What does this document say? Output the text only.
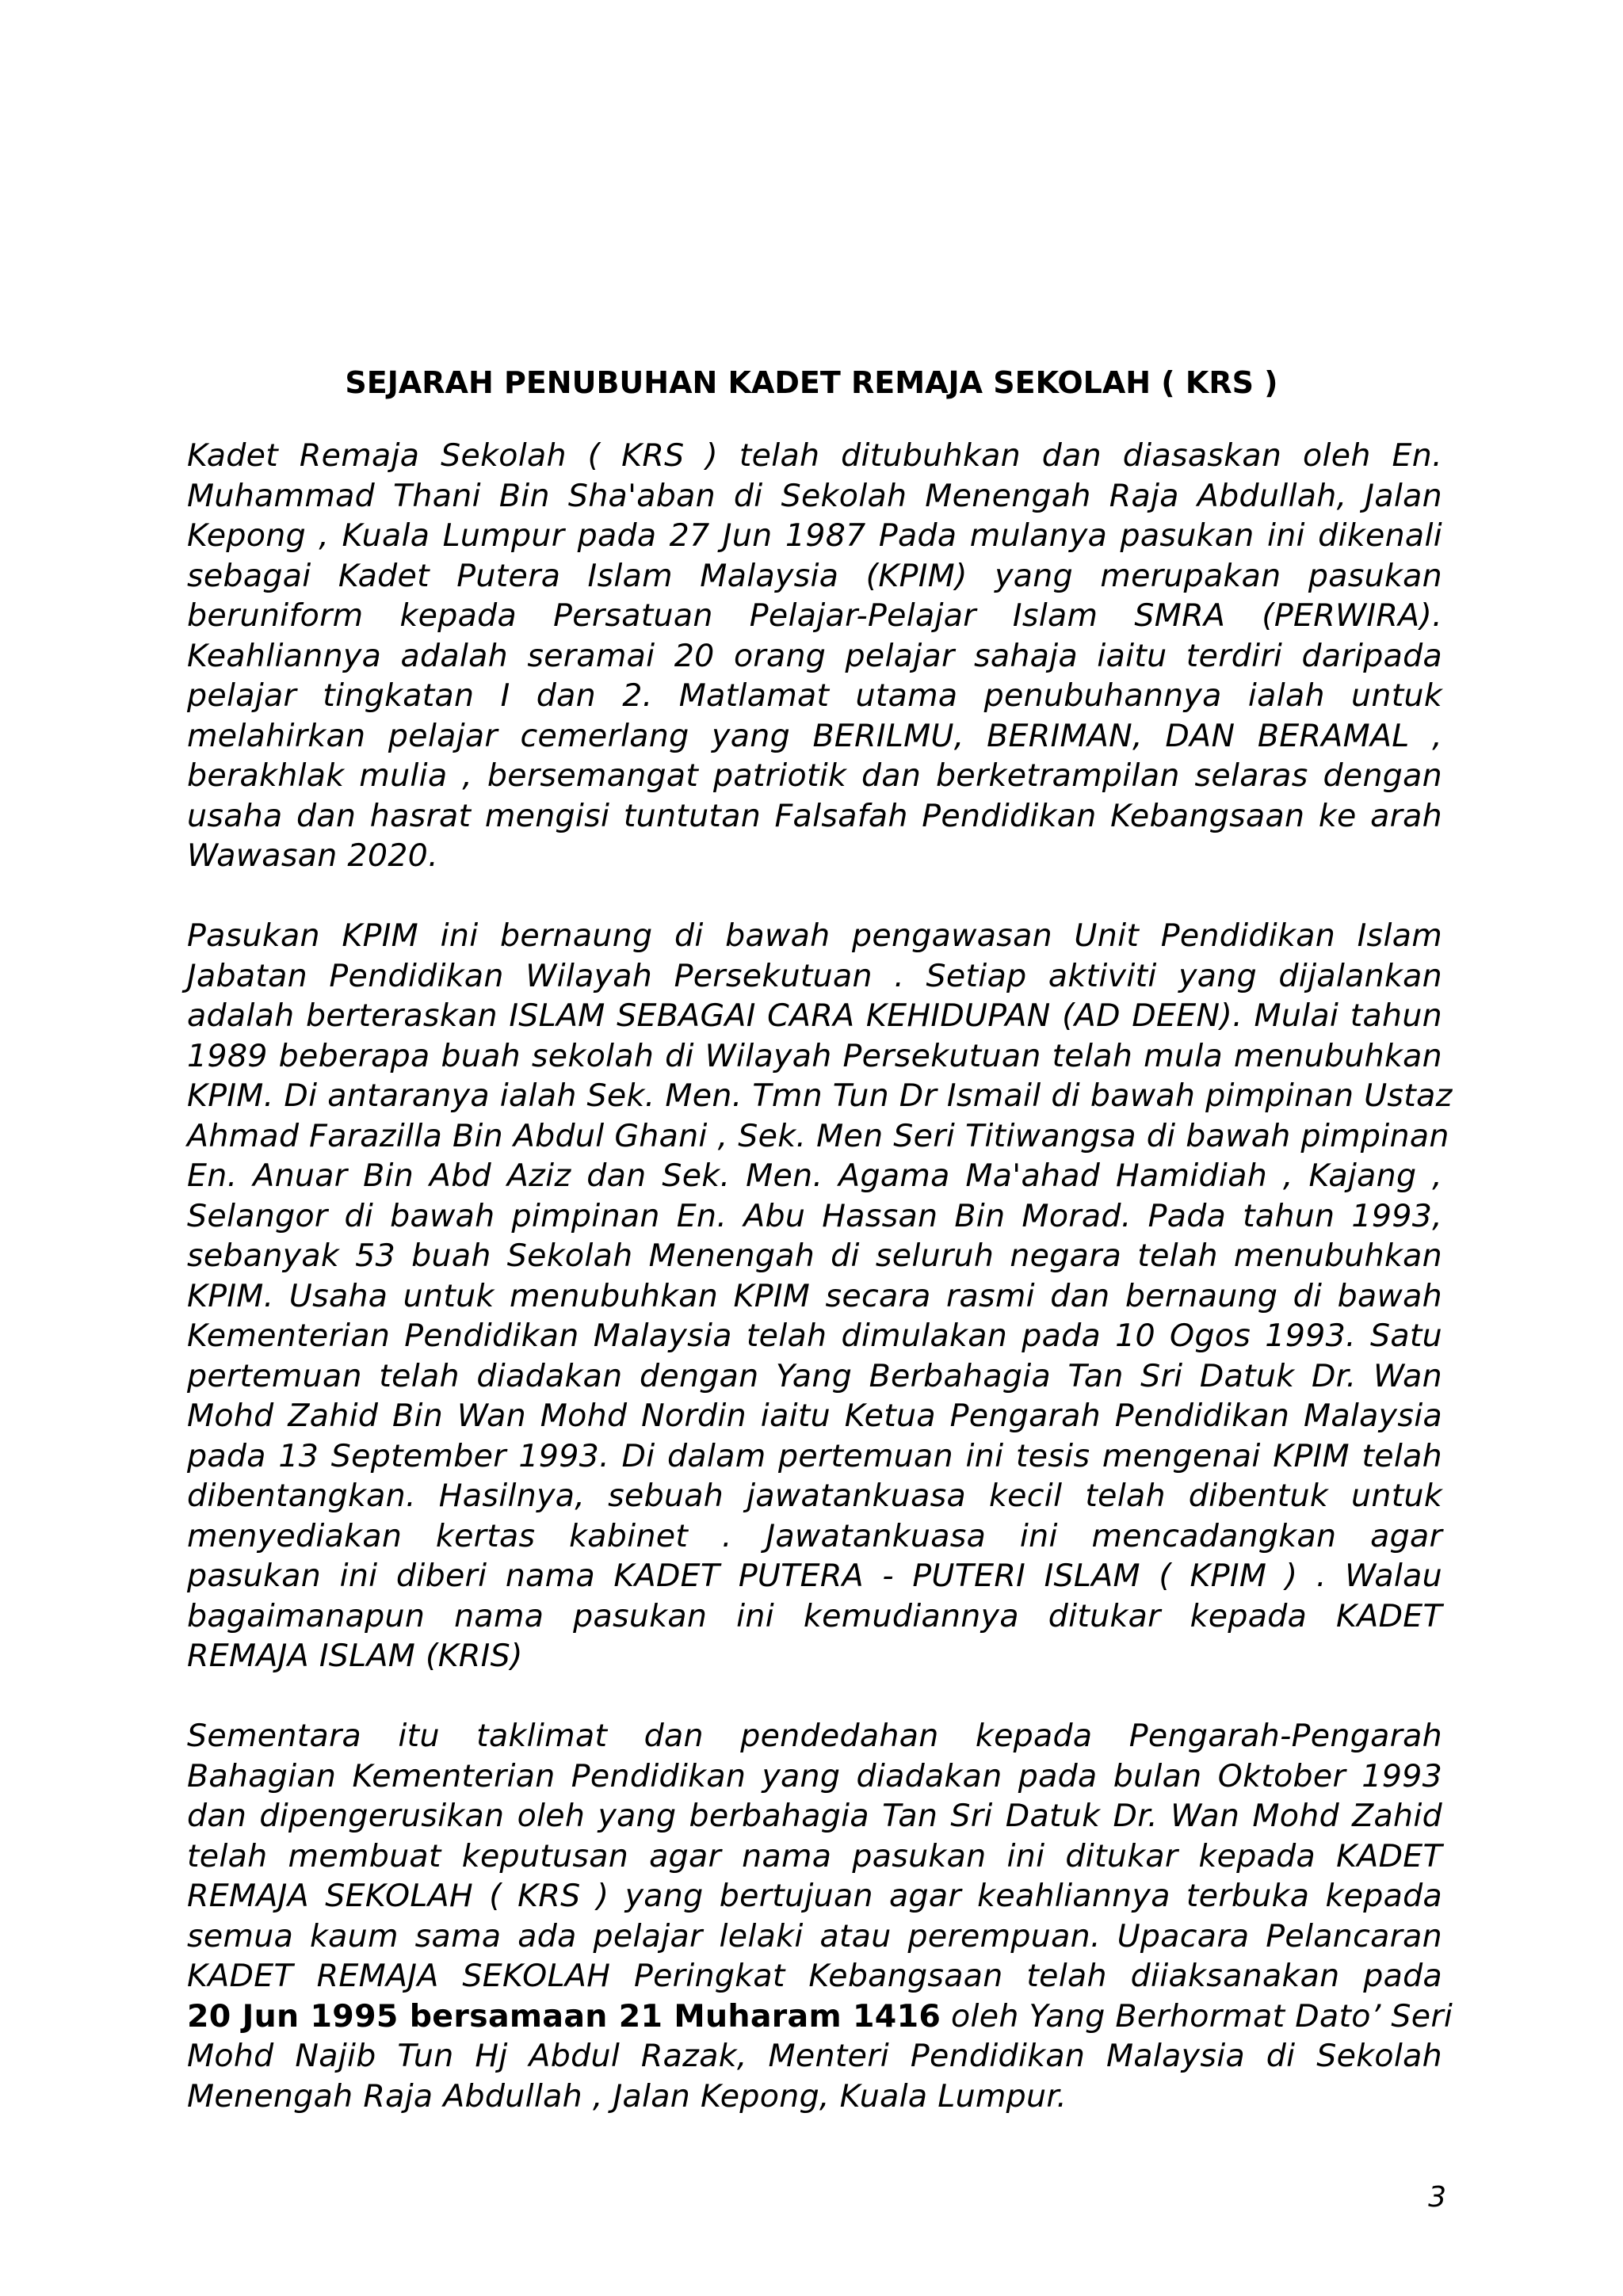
SEJARAH PENUBUHAN KADET REMAJA SEKOLAH ( KRS )
Kadet Remaja Sekolah ( KRS ) telah ditubuhkan dan diasaskan oleh En.
Muhammad Thani Bin Sha'aban di Sekolah Menengah Raja Abdullah, Jalan
Kepong , Kuala Lumpur pada 27 Jun 1987 Pada mulanya pasukan ini dikenali
sebagai Kadet Putera Islam Malaysia (KPIM) yang merupakan pasukan
beruniform kepada Persatuan Pelajar-Pelajar Islam SMRA (PERWIRA).
Keahliannya adalah seramai 20 orang pelajar sahaja iaitu terdiri daripada
pelajar tingkatan I dan 2. Matlamat utama penubuhannya ialah untuk
melahirkan pelajar cemerlang yang BERILMU, BERIMAN, DAN BERAMAL ,
berakhlak mulia , bersemangat patriotik dan berketrampilan selaras dengan
usaha dan hasrat mengisi tuntutan Falsafah Pendidikan Kebangsaan ke arah
Wawasan 2020.
Pasukan KPIM ini bernaung di bawah pengawasan Unit Pendidikan Islam
Jabatan Pendidikan Wilayah Persekutuan . Setiap aktiviti yang dijalankan
adalah berteraskan ISLAM SEBAGAI CARA KEHIDUPAN (AD DEEN). Mulai tahun
1989 beberapa buah sekolah di Wilayah Persekutuan telah mula menubuhkan
KPIM. Di antaranya ialah Sek. Men. Tmn Tun Dr Ismail di bawah pimpinan Ustaz
Ahmad Farazilla Bin Abdul Ghani , Sek. Men Seri Titiwangsa di bawah pimpinan
En. Anuar Bin Abd Aziz dan Sek. Men. Agama Ma'ahad Hamidiah , Kajang ,
Selangor di bawah pimpinan En. Abu Hassan Bin Morad. Pada tahun 1993,
sebanyak 53 buah Sekolah Menengah di seluruh negara telah menubuhkan
KPIM. Usaha untuk menubuhkan KPIM secara rasmi dan bernaung di bawah
Kementerian Pendidikan Malaysia telah dimulakan pada 10 Ogos 1993. Satu
pertemuan telah diadakan dengan Yang Berbahagia Tan Sri Datuk Dr. Wan
Mohd Zahid Bin Wan Mohd Nordin iaitu Ketua Pengarah Pendidikan Malaysia
pada 13 September 1993. Di dalam pertemuan ini tesis mengenai KPIM telah
dibentangkan. Hasilnya, sebuah jawatankuasa kecil telah dibentuk untuk
menyediakan kertas kabinet . Jawatankuasa ini mencadangkan agar
pasukan ini diberi nama KADET PUTERA - PUTERI ISLAM ( KPIM ) . Walau
bagaimanapun nama pasukan ini kemudiannya ditukar kepada KADET
REMAJA ISLAM (KRIS)
Sementara itu taklimat dan pendedahan kepada Pengarah-Pengarah
Bahagian Kementerian Pendidikan yang diadakan pada bulan Oktober 1993
dan dipengerusikan oleh yang berbahagia Tan Sri Datuk Dr. Wan Mohd Zahid
telah membuat keputusan agar nama pasukan ini ditukar kepada KADET
REMAJA SEKOLAH ( KRS ) yang bertujuan agar keahliannya terbuka kepada
semua kaum sama ada pelajar lelaki atau perempuan. Upacara Pelancaran
KADET REMAJA SEKOLAH Peringkat Kebangsaan telah diiaksanakan pada
20 Jun 1995 bersamaan 21 Muharam 1416 oleh Yang Berhormat Dato’ Seri
Mohd Najib Tun Hj Abdul Razak, Menteri Pendidikan Malaysia di Sekolah
Menengah Raja Abdullah , Jalan Kepong, Kuala Lumpur.
3
